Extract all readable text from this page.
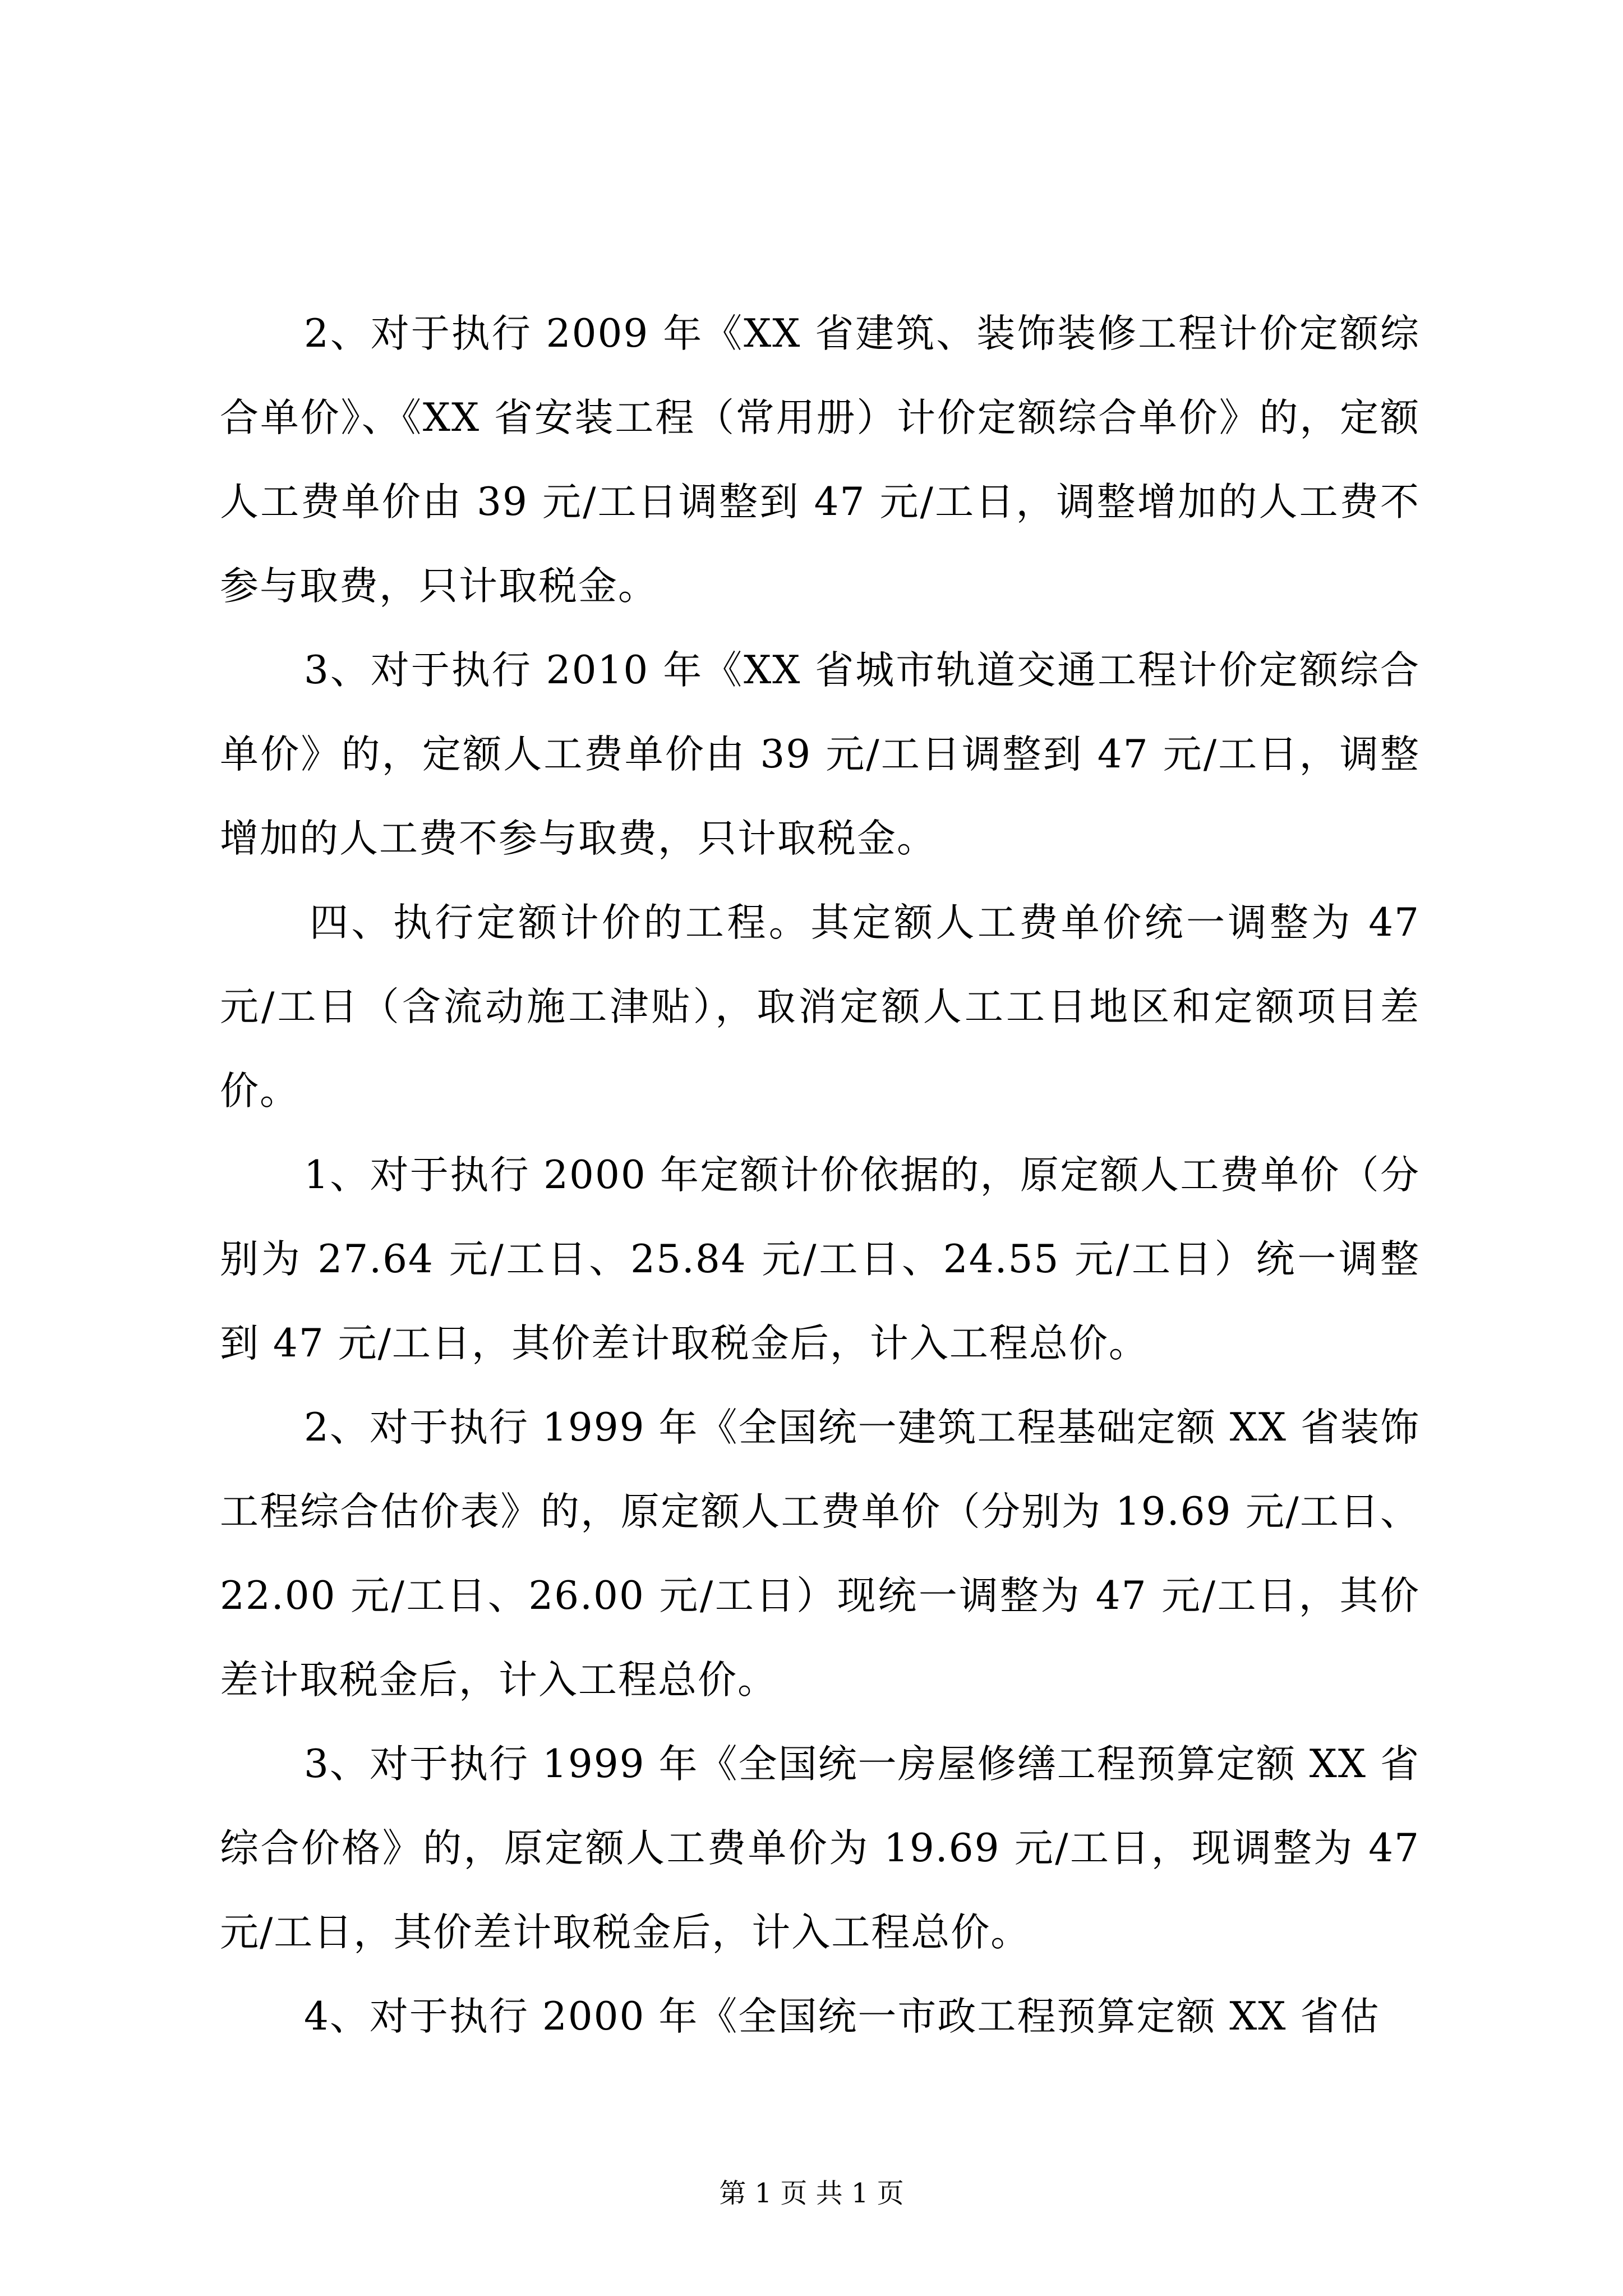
2、对于执行 2009 年《XX 省建筑、装饰装修工程计价定额综合单价》、《XX 省安装工程（常用册）计价定额综合单价》的，定额人工费单价由 39 元/工日调整到 47 元/工日，调整增加的人工费不参与取费，只计取税金。

3、对于执行 2010 年《XX 省城市轨道交通工程计价定额综合单价》的，定额人工费单价由 39 元/工日调整到 47 元/工日，调整增加的人工费不参与取费，只计取税金。

四、执行定额计价的工程。其定额人工费单价统一调整为 47 元/工日（含流动施工津贴），取消定额人工工日地区和定额项目差价。

1、对于执行 2000 年定额计价依据的，原定额人工费单价（分别为 27.64 元/工日、25.84 元/工日、24.55 元/工日）统一调整到 47 元/工日，其价差计取税金后，计入工程总价。

2、对于执行 1999 年《全国统一建筑工程基础定额 XX 省装饰工程综合估价表》的，原定额人工费单价（分别为 19.69 元/工日、22.00 元/工日、26.00 元/工日）现统一调整为 47 元/工日，其价差计取税金后，计入工程总价。

3、对于执行 1999 年《全国统一房屋修缮工程预算定额 XX 省综合价格》的，原定额人工费单价为 19.69 元/工日，现调整为 47 元/工日，其价差计取税金后，计入工程总价。

4、对于执行 2000 年《全国统一市政工程预算定额 XX 省估

第 1 页 共 1 页
